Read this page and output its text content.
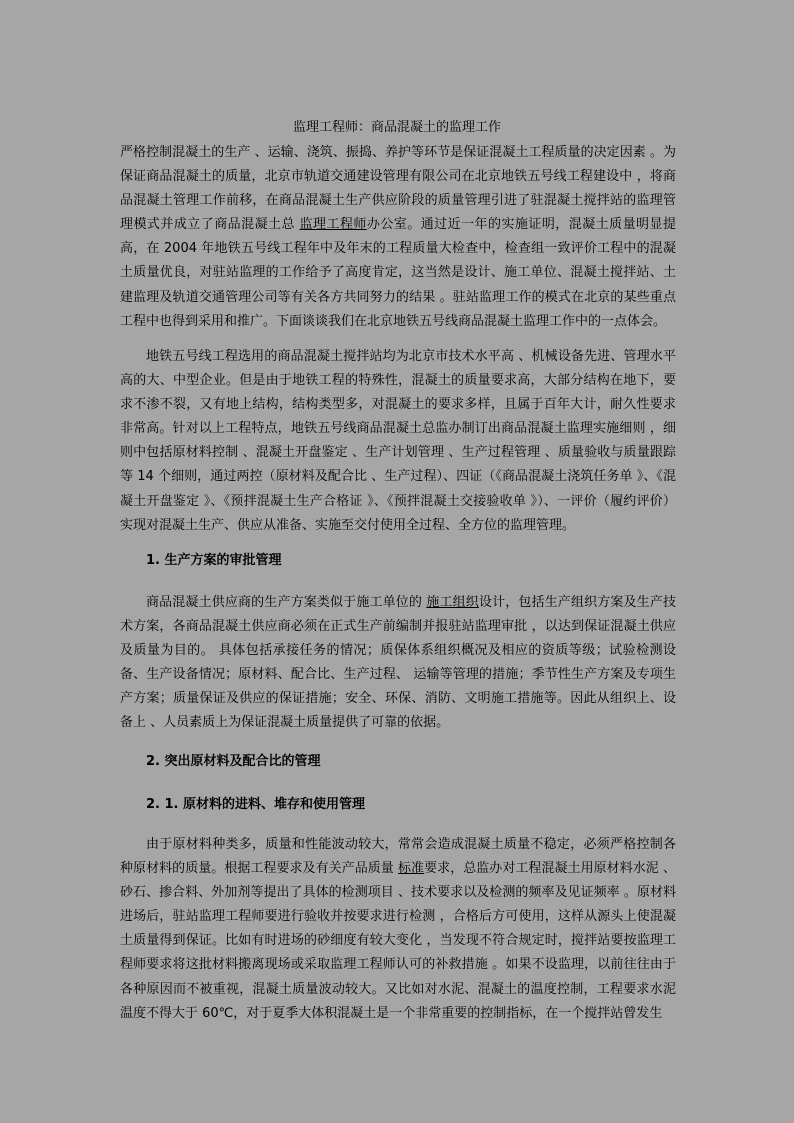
监理工程师：商品混凝土的监理工作

严格控制混凝土的生产 、运输、浇筑、振捣、养护等环节是保证混凝土工程质量的决定因素 。为保证商品混凝土的质量，北京市轨道交通建设管理有限公司在北京地铁五号线工程建设中 ，将商品混凝土管理工作前移，在商品混凝土生产供应阶段的质量管理引进了驻混凝土搅拌站的监理管理模式并成立了商品混凝土总 监理工程师办公室。通过近一年的实施证明，混凝土质量明显提高，在 2004 年地铁五号线工程年中及年末的工程质量大检查中，检查组一致评价工程中的混凝土质量优良，对驻站监理的工作给予了高度肯定，这当然是设计、施工单位、混凝土搅拌站、土建监理及轨道交通管理公司等有关各方共同努力的结果 。驻站监理工作的模式在北京的某些重点工程中也得到采用和推广。下面谈谈我们在北京地铁五号线商品混凝土监理工作中的一点体会。

地铁五号线工程选用的商品混凝土搅拌站均为北京市技术水平高 、机械设备先进、管理水平高的大、中型企业。但是由于地铁工程的特殊性，混凝土的质量要求高，大部分结构在地下，要求不渗不裂，又有地上结构，结构类型多，对混凝土的要求多样，且属于百年大计，耐久性要求非常高。针对以上工程特点，地铁五号线商品混凝土总监办制订出商品混凝土监理实施细则 ，细则中包括原材料控制 、混凝土开盘鉴定 、生产计划管理 、生产过程管理 、质量验收与质量跟踪等 14 个细则，通过两控（原材料及配合比 、生产过程）、四证（《商品混凝土浇筑任务单 》、《混凝土开盘鉴定 》、《预拌混凝土生产合格证 》、《预拌混凝土交接验收单 》）、一评价（履约评价）实现对混凝土生产、供应从准备、实施至交付使用全过程、全方位的监理管理。

1. 生产方案的审批管理

商品混凝土供应商的生产方案类似于施工单位的 施工组织设计，包括生产组织方案及生产技术方案，各商品混凝土供应商必须在正式生产前编制并报驻站监理审批 ，以达到保证混凝土供应及质量为目的。 具体包括承接任务的情况；质保体系组织概况及相应的资质等级；试验检测设备、生产设备情况；原材料、配合比、生产过程、 运输等管理的措施；季节性生产方案及专项生产方案；质量保证及供应的保证措施；安全、环保、消防、文明施工措施等。因此从组织上、设备上 、人员素质上为保证混凝土质量提供了可靠的依据。

2. 突出原材料及配合比的管理
2. 1. 原材料的进料、堆存和使用管理

由于原材料种类多，质量和性能波动较大，常常会造成混凝土质量不稳定，必须严格控制各种原材料的质量。根据工程要求及有关产品质量 标准要求，总监办对工程混凝土用原材料水泥 、砂石、掺合料、外加剂等提出了具体的检测项目 、技术要求以及检测的频率及见证频率 。原材料进场后，驻站监理工程师要进行验收并按要求进行检测 ，合格后方可使用，这样从源头上使混凝土质量得到保证。比如有时进场的砂细度有较大变化 ，当发现不符合规定时，搅拌站要按监理工程师要求将这批材料搬离现场或采取监理工程师认可的补救措施 。如果不设监理，以前往往由于各种原因而不被重视，混凝土质量波动较大。又比如对水泥、混凝土的温度控制，工程要求水泥温度不得大于 60℃，对于夏季大体积混凝土是一个非常重要的控制指标，在一个搅拌站曾发生
